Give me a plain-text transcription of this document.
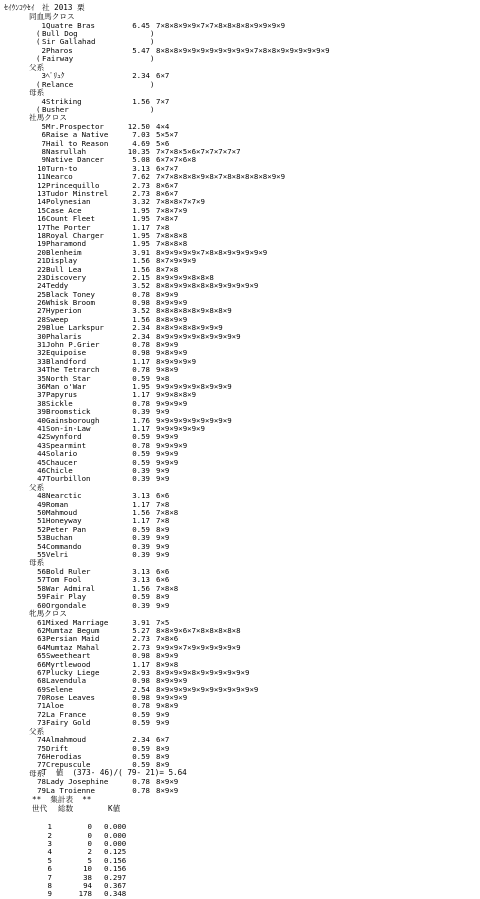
ｾｲｳﾝｺｳｾｲ　社 2013 栗
同血馬クロス
1 Quatre Bras	6.45 7×8×8×9×9×7×7×8×8×8×8×9×9×9×9
( Bull Dog	)
( Sir Gallahad	)
2 Pharos	5.47 8×8×8×9×9×9×9×9×9×9×9×7×8×8×9×9×9×9×9×9
( Fairway	)
父系
3 ﾍﾟﾘｭｸ	2.34 6×7
( Relance	)
母系
4 Striking	1.56 7×7
( Busher	)
社馬クロス
5 Mr.Prospector	12.50 4×4
6 Raise a Native	7.03 5×5×7
7 Hail to Reason	4.69 5×6
8 Nasrullah	10.35 7×7×8×5×6×7×7×7×7×7
9 Native Dancer	5.08 6×7×7×6×8
10 Turn-to	3.13 6×7×7
11 Nearco	7.62 7×7×8×8×8×9×8×7×8×8×8×8×8×9×9
12 Princequillo	2.73 8×6×7
13 Tudor Minstrel	2.73 8×6×7
14 Polynesian	3.32 7×8×8×7×7×9
15 Case Ace	1.95 7×8×7×9
16 Count Fleet	1.95 7×8×7
17 The Porter	1.17 7×8
18 Royal Charger	1.95 7×8×8×8
19 Pharamond	1.95 7×8×8×8
20 Blenheim	3.91 8×9×9×9×9×7×8×8×9×9×9×9×9
21 Display	1.56 8×7×9×9×9
22 Bull Lea	1.56 8×7×8
23 Discovery	2.15 8×9×9×9×8×8×8
24 Teddy	3.52 8×8×9×9×8×8×8×9×9×9×9×9
25 Black Toney	0.78 8×9×9
26 Whisk Broom	0.98 8×9×9×9
27 Hyperion	3.52 8×8×8×8×8×9×8×8×9
28 Sweep	1.56 8×8×9×9
29 Blue Larkspur	2.34 8×8×9×8×8×9×9×9
30 Phalaris	2.34 8×9×9×9×9×8×9×9×9×9
31 John P.Grier	0.78 8×9×9
32 Equipoise	0.98 9×8×9×9
33 Blandford	1.17 8×9×9×9×9
34 The Tetrarch	0.78 9×8×9
35 North Star	0.59 9×8
36 Man o'War	1.95 9×9×9×9×9×8×9×9×9
37 Papyrus	1.17 9×9×8×8×9
38 Sickle	0.78 9×9×9×9
39 Broomstick	0.39 9×9
40 Gainsborough	1.76 9×9×9×9×9×9×9×9×9
41 Son-in-Law	1.17 9×9×9×9×9×9
42 Swynford	0.59 9×9×9
43 Spearmint	0.78 9×9×9×9
44 Solario	0.59 9×9×9
45 Chaucer	0.59 9×9×9
46 Chicle	0.39 9×9
47 Tourbillon	0.39 9×9
父系
48 Nearctic	3.13 6×6
49 Roman	1.17 7×8
50 Mahmoud	1.56 7×8×8
51 Honeyway	1.17 7×8
52 Peter Pan	0.59 8×9
53 Buchan	0.39 9×9
54 Commando	0.39 9×9
55 Velri	0.39 9×9
母系
56 Bold Ruler	3.13 6×6
57 Tom Fool	3.13 6×6
58 War Admiral	1.56 7×8×8
59 Fair Play	0.59 8×9
60 Orgondale	0.39 9×9
牝馬クロス
61 Mixed Marriage	3.91 7×5
62 Mumtaz Begum	5.27 8×8×9×6×7×8×8×8×8×8
63 Persian Maid	2.73 7×8×6
64 Mumtaz Mahal	2.73 9×9×9×7×9×9×9×9×9×9
65 Sweetheart	0.98 8×9×9
66 Myrtlewood	1.17 8×9×8
67 Plucky Liege	2.93 8×9×9×9×8×9×9×9×9×9×9
68 Lavendula	0.98 8×9×9×9
69 Selene	2.54 8×9×9×9×9×9×9×9×9×9×9×9
70 Rose Leaves	0.98 9×9×9×9
71 Aloe	0.78 9×8×9
72 La France	0.59 9×9
73 Fairy Gold	0.59 9×9
父系
74 Almahmoud	2.34 6×7
75 Drift	0.59 8×9
76 Herodias	0.59 8×9
77 Crepuscule	0.59 8×9
母系
78 Lady Josephine	0.78 8×9×9
79 La Troienne	0.78 8×9×9
**  集計表  **
世代 総数	K値
1	0 0.000
2	0 0.000
3	0 0.000
4	2 0.125
5	5 0.156
6	10 0.156
7	38 0.297
8	94 0.367
9	178 0.348
T  値  (373- 46)/( 79- 21)= 5.64
